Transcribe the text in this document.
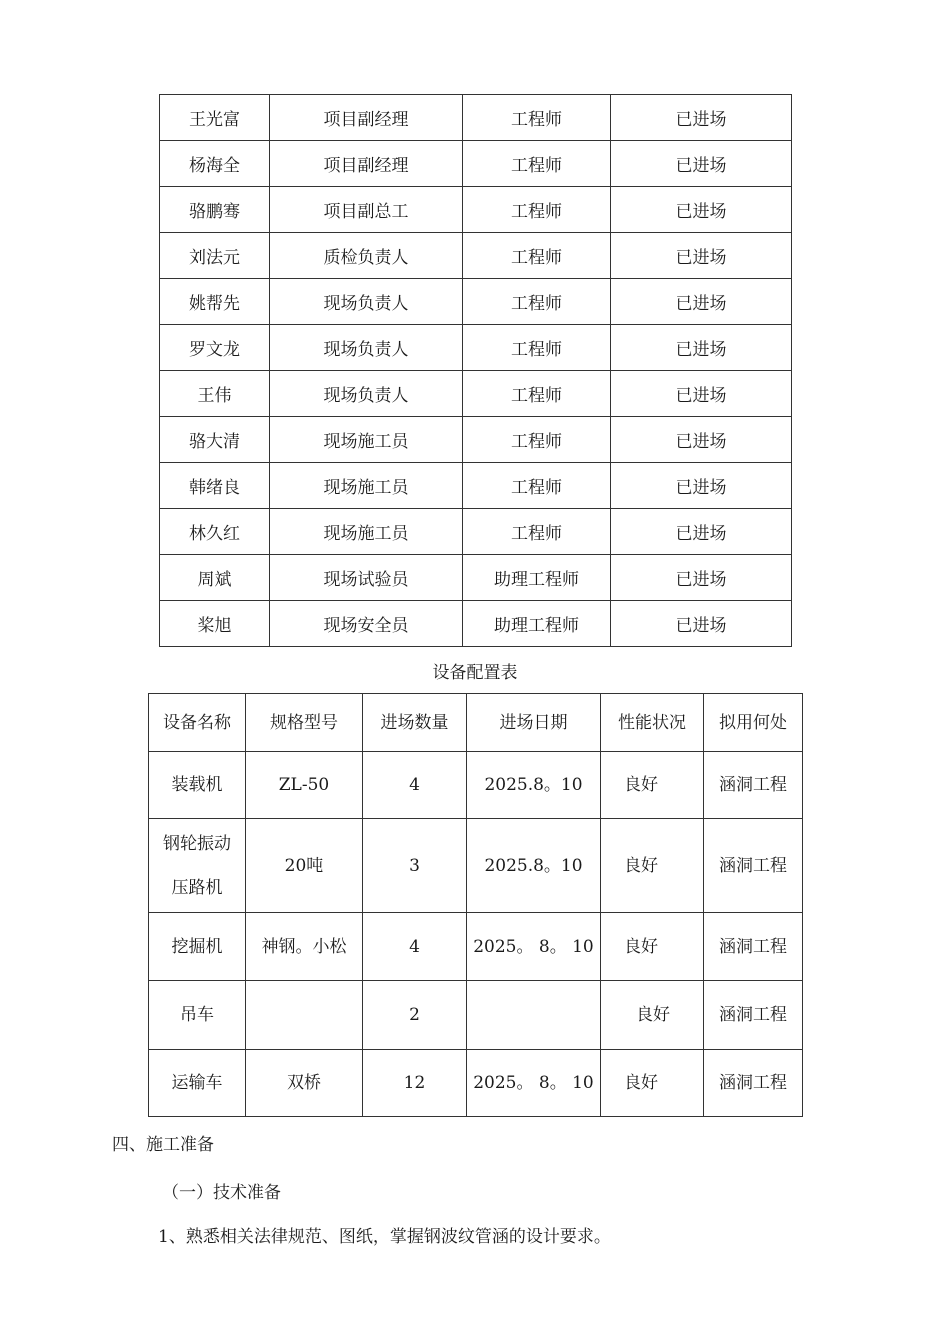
王光富	项目副经理	工程师	已进场
杨海全	项目副经理	工程师	已进场
骆鹏骞	项目副总工	工程师	已进场
刘法元	质检负责人	工程师	已进场
姚帮先	现场负责人	工程师	已进场
罗文龙	现场负责人	工程师	已进场
王伟	现场负责人	工程师	已进场
骆大清	现场施工员	工程师	已进场
韩绪良	现场施工员	工程师	已进场
林久红	现场施工员	工程师	已进场
周斌	现场试验员	助理工程师	已进场
桨旭	现场安全员	助理工程师	已进场
设备配置表
设备名称	规格型号	进场数量	进场日期	性能状况	拟用何处
装载机	ZL-50	4	2025.8。10	良好	涵洞工程
钢轮振动压路机	20吨	3	2025.8。10	良好	涵洞工程
挖掘机	神钢。小松	4	2025。 8。 10	良好	涵洞工程
吊车		2		良好	涵洞工程
运输车	双桥	12	2025。 8。 10	良好	涵洞工程
四、施工准备
（一）技术准备
1、熟悉相关法律规范、图纸，掌握钢波纹管涵的设计要求。
